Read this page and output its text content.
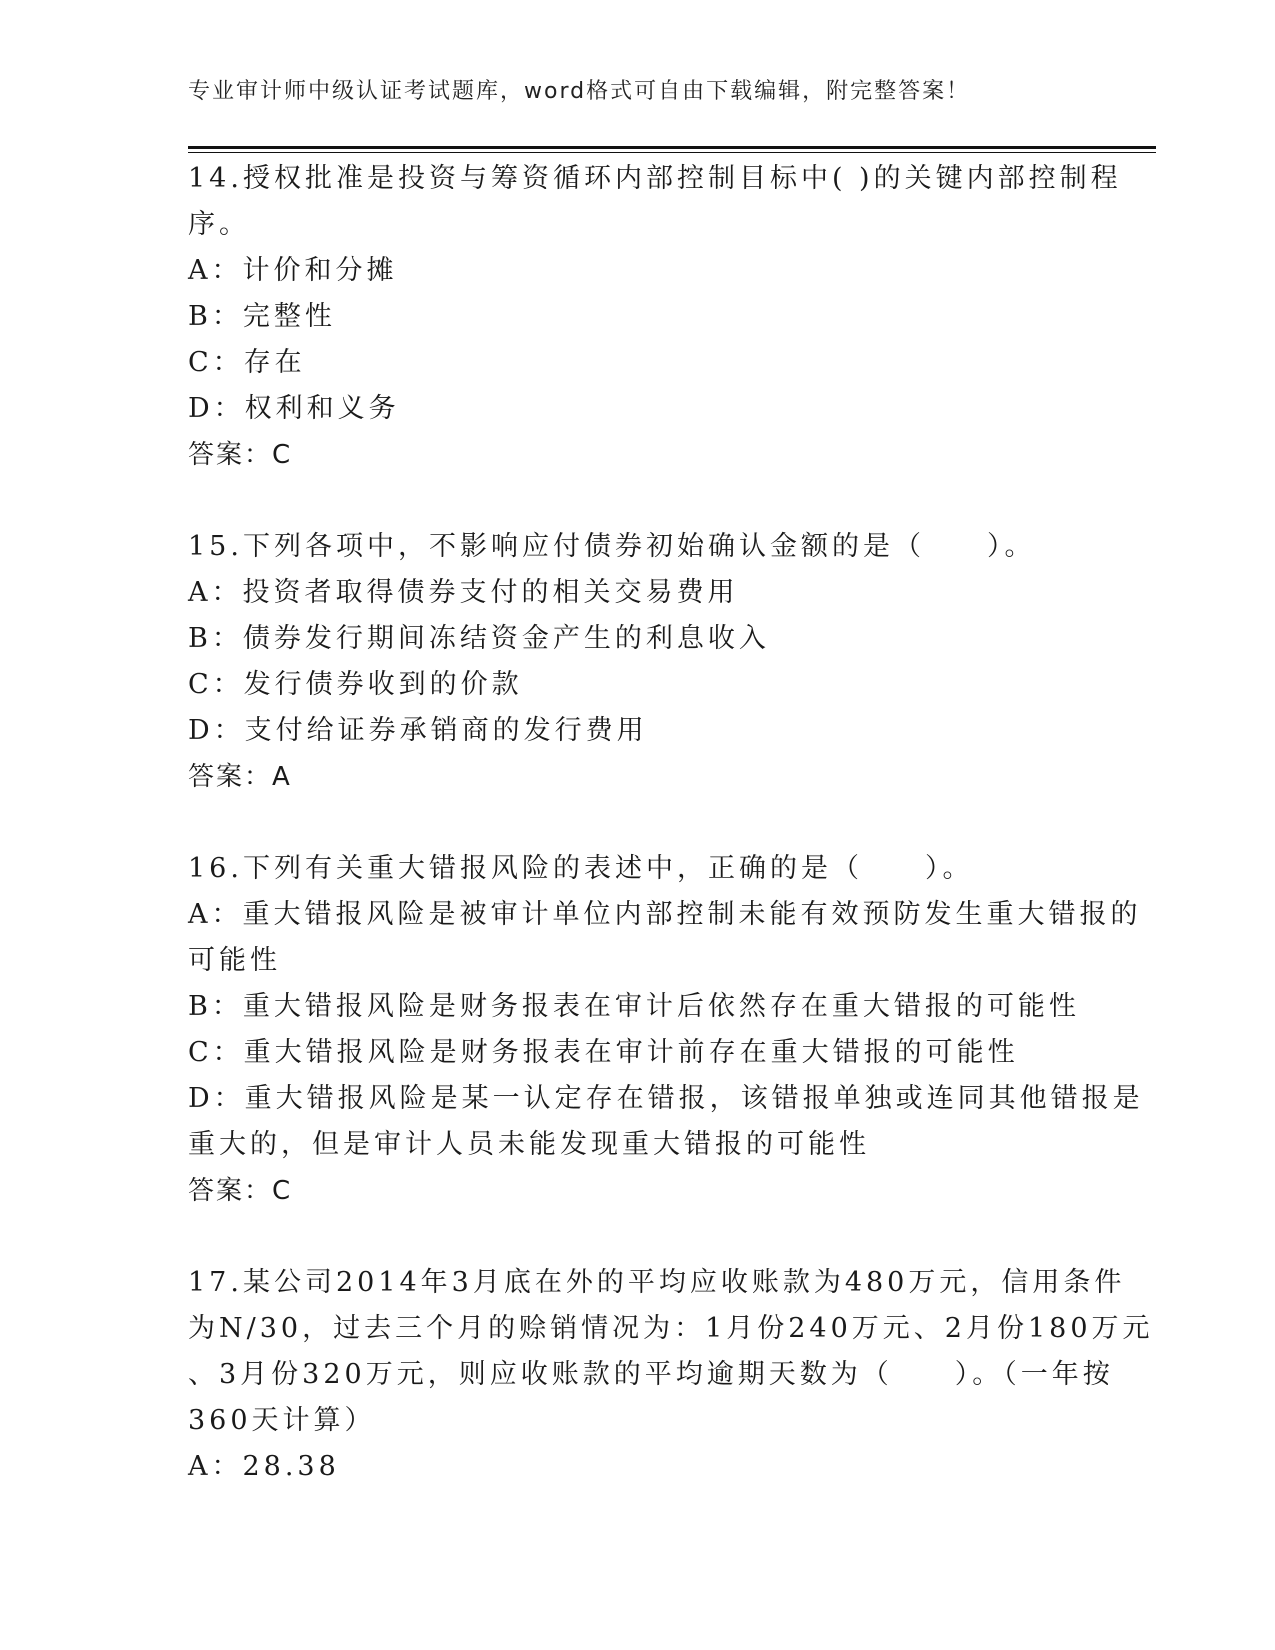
专业审计师中级认证考试题库，word格式可自由下载编辑，附完整答案！
14.授权批准是投资与筹资循环内部控制目标中( )的关键内部控制程
序。
A：计价和分摊
B：完整性
C：存在
D：权利和义务
答案：C
15.下列各项中，不影响应付债券初始确认金额的是（　　）。
A：投资者取得债券支付的相关交易费用
B：债券发行期间冻结资金产生的利息收入
C：发行债券收到的价款
D：支付给证券承销商的发行费用
答案：A
16.下列有关重大错报风险的表述中，正确的是（　　）。
A：重大错报风险是被审计单位内部控制未能有效预防发生重大错报的
可能性
B：重大错报风险是财务报表在审计后依然存在重大错报的可能性
C：重大错报风险是财务报表在审计前存在重大错报的可能性
D：重大错报风险是某一认定存在错报，该错报单独或连同其他错报是
重大的，但是审计人员未能发现重大错报的可能性
答案：C
17.某公司2014年3月底在外的平均应收账款为480万元，信用条件
为N/30，过去三个月的赊销情况为：1月份240万元、2月份180万元
、3月份320万元，则应收账款的平均逾期天数为（　　）。（一年按
360天计算）
A：28.38
